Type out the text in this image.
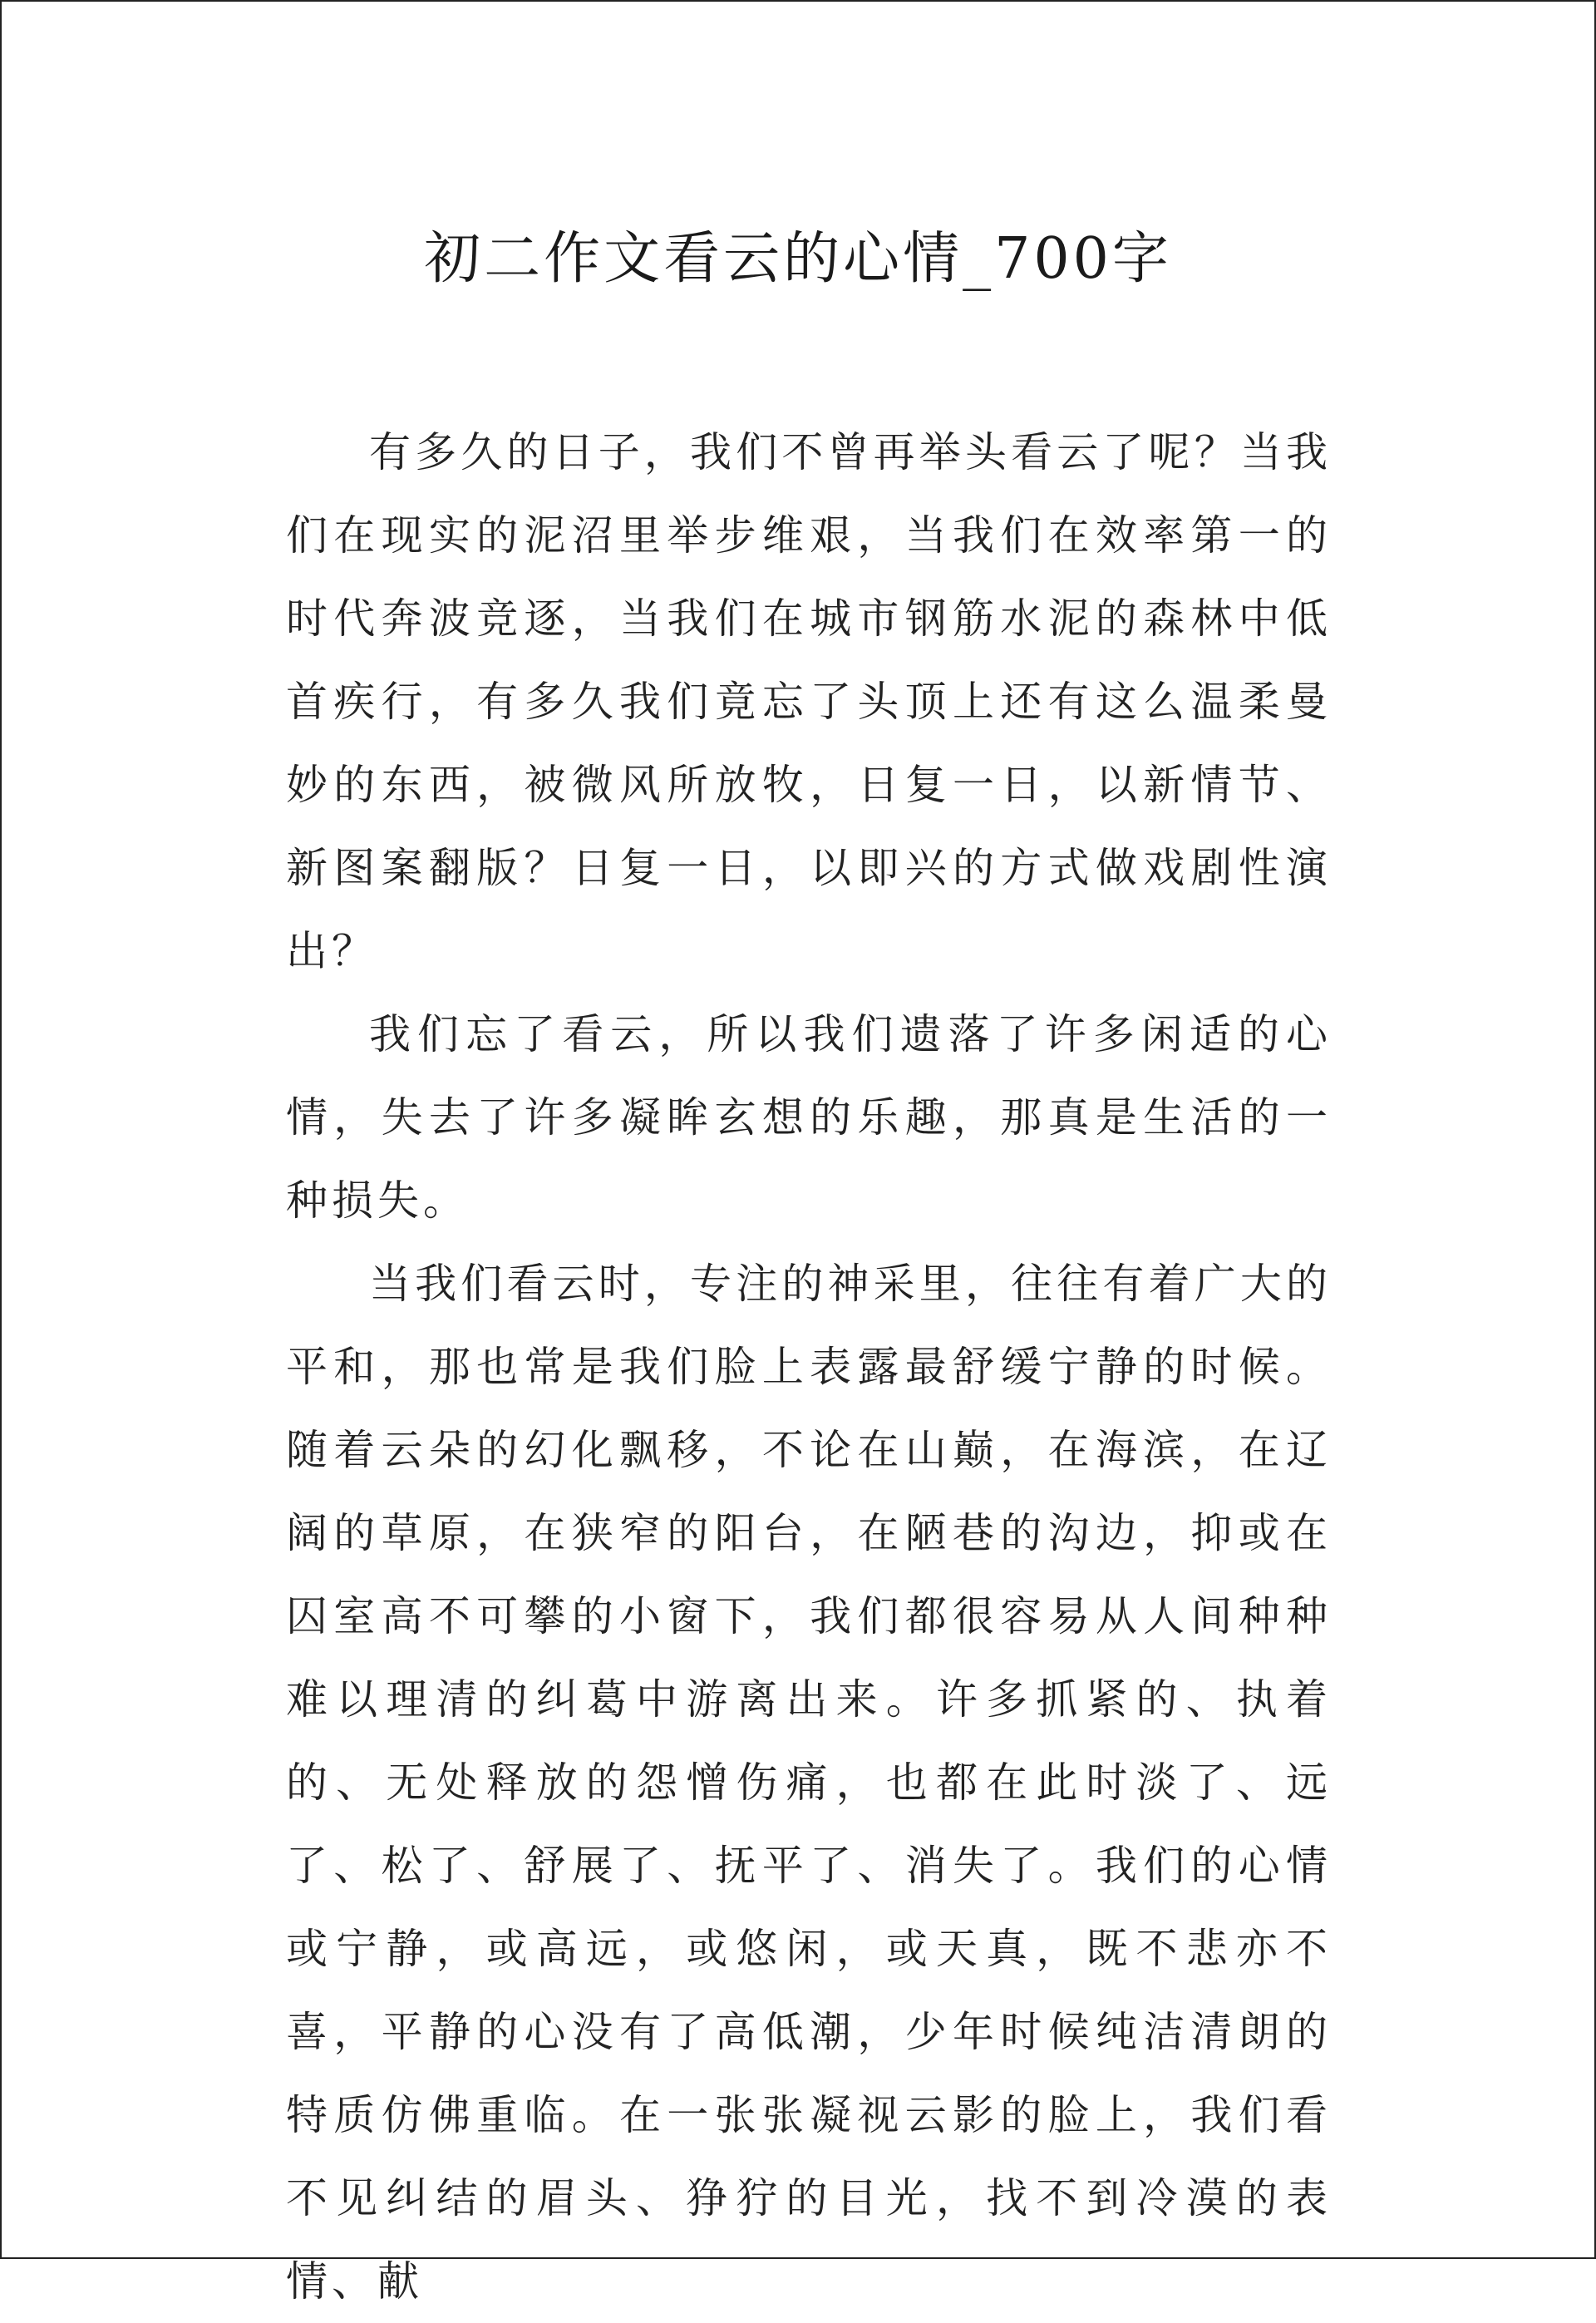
初二作文看云的心情_700字

有多久的日子，我们不曾再举头看云了呢？当我们在现实的泥沼里举步维艰，当我们在效率第一的时代奔波竞逐，当我们在城市钢筋水泥的森林中低首疾行，有多久我们竟忘了头顶上还有这么温柔曼妙的东西，被微风所放牧，日复一日，以新情节、新图案翻版？日复一日，以即兴的方式做戏剧性演出？

我们忘了看云，所以我们遗落了许多闲适的心情，失去了许多凝眸玄想的乐趣，那真是生活的一种损失。

当我们看云时，专注的神采里，往往有着广大的平和，那也常是我们脸上表露最舒缓宁静的时候。随着云朵的幻化飘移，不论在山巅，在海滨，在辽阔的草原，在狭窄的阳台，在陋巷的沟边，抑或在囚室高不可攀的小窗下，我们都很容易从人间种种难以理清的纠葛中游离出来。许多抓紧的、执着的、无处释放的怨憎伤痛，也都在此时淡了、远了、松了、舒展了、抚平了、消失了。我们的心情或宁静，或高远，或悠闲，或天真，既不悲亦不喜，平静的心没有了高低潮，少年时候纯洁清朗的特质仿佛重临。在一张张凝视云影的脸上，我们看不见纠结的眉头、狰狞的目光，找不到冷漠的表情、献
